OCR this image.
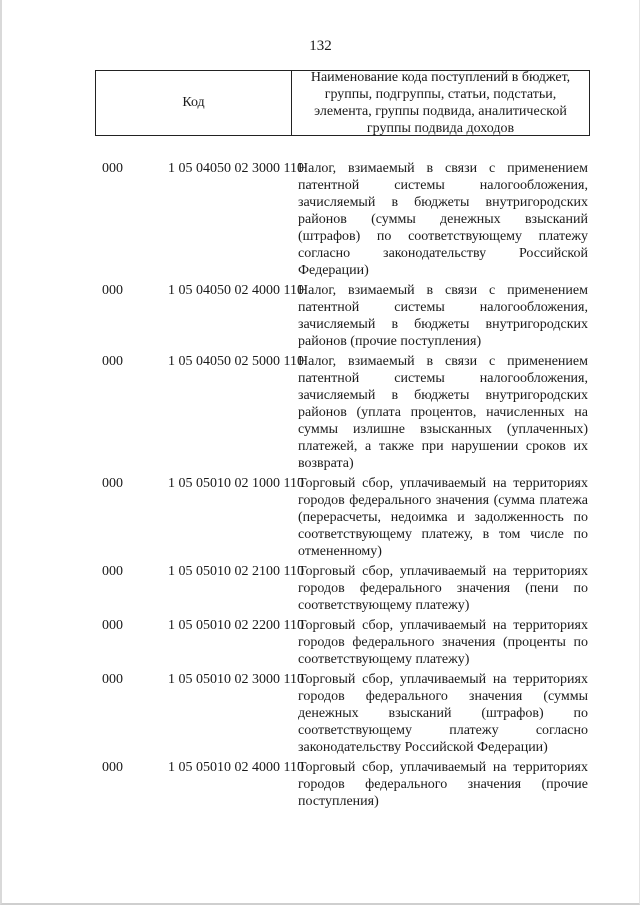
132
Код
Наименование кода поступлений в бюджет, группы, подгруппы, статьи, подстатьи, элемента, группы подвида, аналитической группы подвида доходов
000	1 05 04050 02 3000 110
Налог, взимаемый в связи с применением патентной системы налогообложения, зачисляемый в бюджеты внутригородских районов (суммы денежных взысканий (штрафов) по соответствующему платежу согласно законодательству Российской Федерации)
000	1 05 04050 02 4000 110
Налог, взимаемый в связи с применением патентной системы налогообложения, зачисляемый в бюджеты внутригородских районов (прочие поступления)
000	1 05 04050 02 5000 110
Налог, взимаемый в связи с применением патентной системы налогообложения, зачисляемый в бюджеты внутригородских районов (уплата процентов, начисленных на суммы излишне взысканных (уплаченных) платежей, а также при нарушении сроков их возврата)
000	1 05 05010 02 1000 110
Торговый сбор, уплачиваемый на территориях городов федерального значения (сумма платежа (перерасчеты, недоимка и задолженность по соответствующему платежу, в том числе по отмененному)
000	1 05 05010 02 2100 110
Торговый сбор, уплачиваемый на территориях городов федерального значения (пени по соответствующему платежу)
000	1 05 05010 02 2200 110
Торговый сбор, уплачиваемый на территориях городов федерального значения (проценты по соответствующему платежу)
000	1 05 05010 02 3000 110
Торговый сбор, уплачиваемый на территориях городов федерального значения (суммы денежных взысканий (штрафов) по соответствующему платежу согласно законодательству Российской Федерации)
000	1 05 05010 02 4000 110
Торговый сбор, уплачиваемый на территориях городов федерального значения (прочие поступления)
